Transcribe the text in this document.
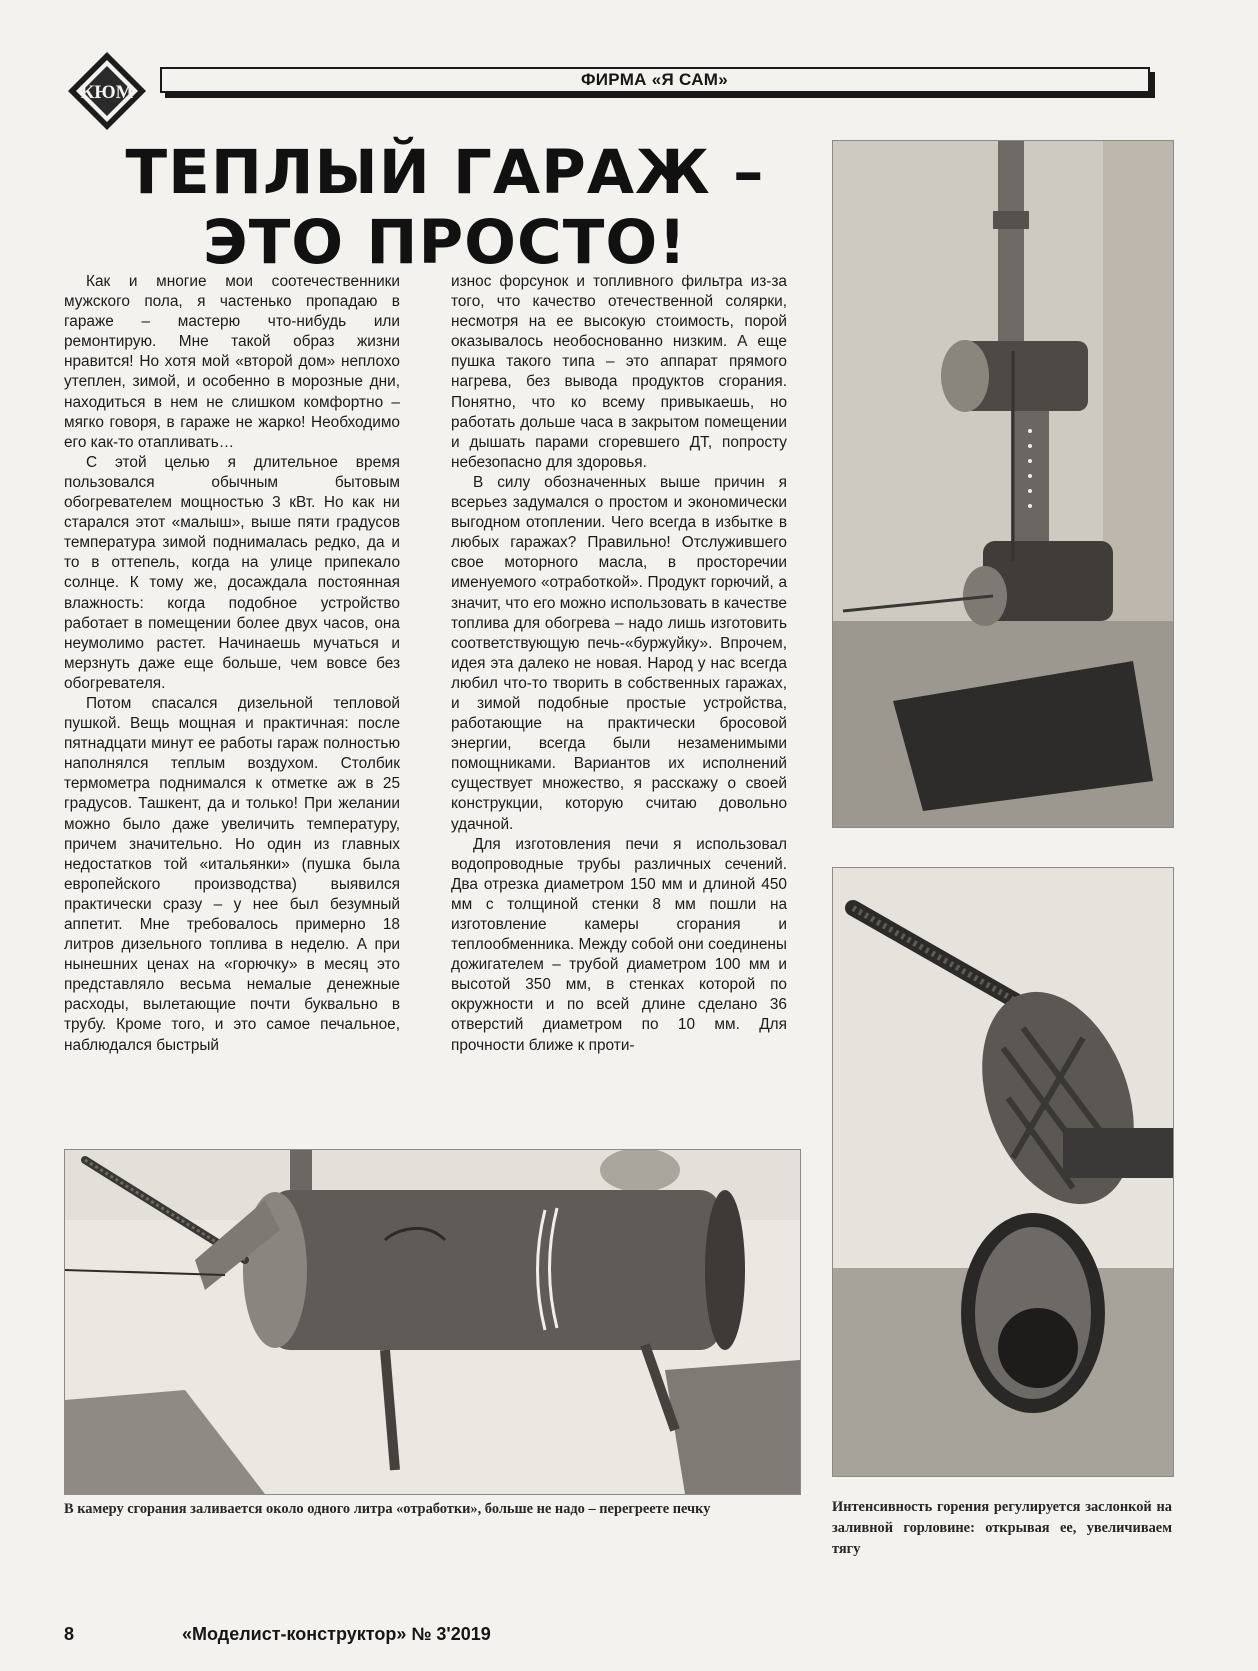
КЮМ
ФИРМА «Я САМ»
ТЕПЛЫЙ ГАРАЖ –
ЭТО ПРОСТО!

Как и многие мои соотечественники мужского пола, я частенько пропадаю в гараже – мастерю что-нибудь или ремонтирую. Мне такой образ жизни нравится! Но хотя мой «второй дом» неплохо утеплен, зимой, и особенно в морозные дни, находиться в нем не слишком комфортно – мягко говоря, в гараже не жарко! Необходимо его как-то отапливать…

С этой целью я длительное время пользовался обычным бытовым обогревателем мощностью 3 кВт. Но как ни старался этот «малыш», выше пяти градусов температура зимой поднималась редко, да и то в оттепель, когда на улице припекало солнце. К тому же, досаждала постоянная влажность: когда подобное устройство работает в помещении более двух часов, она неумолимо растет. Начинаешь мучаться и мерзнуть даже еще больше, чем вовсе без обогревателя.

Потом спасался дизельной тепловой пушкой. Вещь мощная и практичная: после пятнадцати минут ее работы гараж полностью наполнялся теплым воздухом. Столбик термометра поднимался к отметке аж в 25 градусов. Ташкент, да и только! При желании можно было даже увеличить температуру, причем значительно. Но один из главных недостатков той «итальянки» (пушка была европейского производства) выявился практически сразу – у нее был безумный аппетит. Мне требовалось примерно 18 литров дизельного топлива в неделю. А при нынешних ценах на «горючку» в месяц это представляло весьма немалые денежные расходы, вылетающие почти буквально в трубу. Кроме того, и это самое печальное, наблюдался быстрый

износ форсунок и топливного фильтра из-за того, что качество отечественной солярки, несмотря на ее высокую стоимость, порой оказывалось необоснованно низким. А еще пушка такого типа – это аппарат прямого нагрева, без вывода продуктов сгорания. Понятно, что ко всему привыкаешь, но работать дольше часа в закрытом помещении и дышать парами сгоревшего ДТ, попросту небезопасно для здоровья.

В силу обозначенных выше причин я всерьез задумался о простом и экономически выгодном отоплении. Чего всегда в избытке в любых гаражах? Правильно! Отслужившего свое моторного масла, в просторечии именуемого «отработкой». Продукт горючий, а значит, что его можно использовать в качестве топлива для обогрева – надо лишь изготовить соответствующую печь-«буржуйку». Впрочем, идея эта далеко не новая. Народ у нас всегда любил что-то творить в собственных гаражах, и зимой подобные простые устройства, работающие на практически бросовой энергии, всегда были незаменимыми помощниками. Вариантов их исполнений существует множество, я расскажу о своей конструкции, которую считаю довольно удачной.

Для изготовления печи я использовал водопроводные трубы различных сечений. Два отрезка диаметром 150 мм и длиной 450 мм с толщиной стенки 8 мм пошли на изготовление камеры сгорания и теплообменника. Между собой они соединены дожигателем – трубой диаметром 100 мм и высотой 350 мм, в стенках которой по окружности и по всей длине сделано 36 отверстий диаметром по 10 мм. Для прочности ближе к проти-

В камеру сгорания заливается около одного литра «отработки», больше не надо – перегреете печку	Интенсивность горения регулируется заслонкой на заливной горловине: открывая ее, увеличиваем тягу
8	«Моделист-конструктор» № 3'2019
